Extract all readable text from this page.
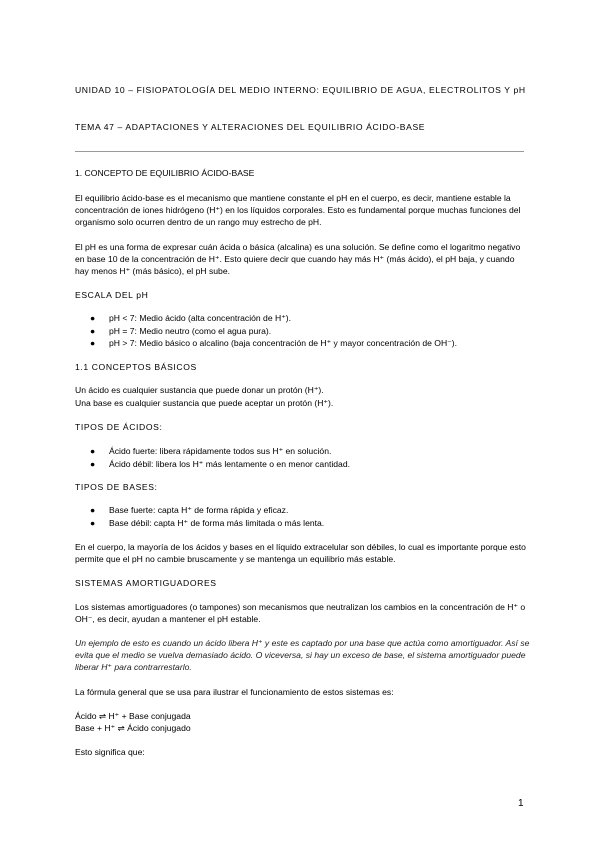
UNIDAD 10 – FISIOPATOLOGÍA DEL MEDIO INTERNO: EQUILIBRIO DE AGUA, ELECTROLITOS Y pH
TEMA 47 – ADAPTACIONES Y ALTERACIONES DEL EQUILIBRIO ÁCIDO-BASE
1. CONCEPTO DE EQUILIBRIO ÁCIDO-BASE
El equilibrio ácido-base es el mecanismo que mantiene constante el pH en el cuerpo, es decir, mantiene estable la concentración de iones hidrógeno (H⁺) en los líquidos corporales. Esto es fundamental porque muchas funciones del organismo solo ocurren dentro de un rango muy estrecho de pH.
El pH es una forma de expresar cuán ácida o básica (alcalina) es una solución. Se define como el logaritmo negativo en base 10 de la concentración de H⁺. Esto quiere decir que cuando hay más H⁺ (más ácido), el pH baja, y cuando hay menos H⁺ (más básico), el pH sube.
ESCALA DEL pH
● pH < 7: Medio ácido (alta concentración de H⁺).
● pH = 7: Medio neutro (como el agua pura).
● pH > 7: Medio básico o alcalino (baja concentración de H⁺ y mayor concentración de OH⁻).
1.1 CONCEPTOS BÁSICOS
Un ácido es cualquier sustancia que puede donar un protón (H⁺).
Una base es cualquier sustancia que puede aceptar un protón (H⁺).
TIPOS DE ÁCIDOS:
● Ácido fuerte: libera rápidamente todos sus H⁺ en solución.
● Ácido débil: libera los H⁺ más lentamente o en menor cantidad.
TIPOS DE BASES:
● Base fuerte: capta H⁺ de forma rápida y eficaz.
● Base débil: capta H⁺ de forma más limitada o más lenta.
En el cuerpo, la mayoría de los ácidos y bases en el líquido extracelular son débiles, lo cual es importante porque esto permite que el pH no cambie bruscamente y se mantenga un equilibrio más estable.
SISTEMAS AMORTIGUADORES
Los sistemas amortiguadores (o tampones) son mecanismos que neutralizan los cambios en la concentración de H⁺ o OH⁻, es decir, ayudan a mantener el pH estable.
Un ejemplo de esto es cuando un ácido libera H⁺ y este es captado por una base que actúa como amortiguador. Así se evita que el medio se vuelva demasiado ácido. O viceversa, si hay un exceso de base, el sistema amortiguador puede liberar H⁺ para contrarrestarlo.
La fórmula general que se usa para ilustrar el funcionamiento de estos sistemas es:
Ácido ⇌ H⁺ + Base conjugada
Base + H⁺ ⇌ Ácido conjugado
Esto significa que:
1
